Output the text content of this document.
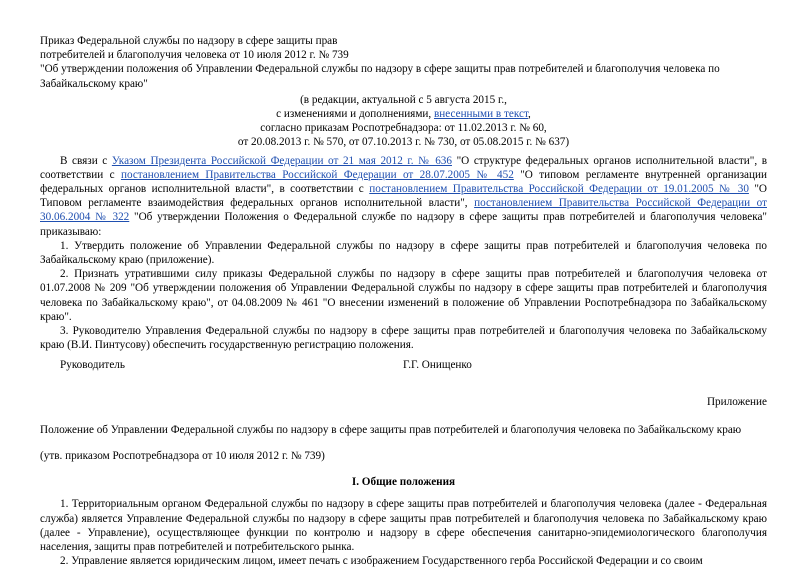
Приказ Федеральной службы по надзору в сфере защиты прав

потребителей и благополучия человека от 10 июля 2012 г. № 739

"Об утверждении положения об Управлении Федеральной службы по надзору в сфере защиты прав потребителей и благополучия человека по

Забайкальскому краю"

(в редакции, актуальной с 5 августа 2015 г.,

с изменениями и дополнениями, внесенными в текст,

согласно приказам Роспотребнадзора: от 11.02.2013 г. № 60,

от 20.08.2013 г. № 570, от 07.10.2013 г. № 730, от 05.08.2015 г. № 637)

В связи с Указом Президента Российской Федерации от 21 мая 2012 г. № 636 "О структуре федеральных органов исполнительной власти", в соответствии с постановлением Правительства Российской Федерации от 28.07.2005 № 452 "О типовом регламенте внутренней организации федеральных органов исполнительной власти", в соответствии с постановлением Правительства Российской Федерации от 19.01.2005 № 30 "О Типовом регламенте взаимодействия федеральных органов исполнительной власти", постановлением Правительства Российской Федерации от 30.06.2004 № 322 "Об утверждении Положения о Федеральной службе по надзору в сфере защиты прав потребителей и благополучия человека" приказываю:

1. Утвердить положение об Управлении Федеральной службы по надзору в сфере защиты прав потребителей и благополучия человека по Забайкальскому краю (приложение).

2. Признать утратившими силу приказы Федеральной службы по надзору в сфере защиты прав потребителей и благополучия человека от 01.07.2008 № 209 "Об утверждении положения об Управлении Федеральной службы по надзору в сфере защиты прав потребителей и благополучия человека по Забайкальскому краю", от 04.08.2009 № 461 "О внесении изменений в положение об Управлении Роспотребнадзора по Забайкальскому краю".

3. Руководителю Управления Федеральной службы по надзору в сфере защиты прав потребителей и благополучия человека по Забайкальскому краю (В.И. Пинтусову) обеспечить государственную регистрацию положения.

Руководитель	Г.Г. Онищенко
Приложение
Положение об Управлении Федеральной службы по надзору в сфере защиты прав потребителей и благополучия человека по Забайкальскому краю
(утв. приказом Роспотребнадзора от 10 июля 2012 г. № 739)
I. Общие положения

1. Территориальным органом Федеральной службы по надзору в сфере защиты прав потребителей и благополучия человека (далее - Федеральная служба) является Управление Федеральной службы по надзору в сфере защиты прав потребителей и благополучия человека по Забайкальскому краю (далее - Управление), осуществляющее функции по контролю и надзору в сфере обеспечения санитарно-эпидемиологического благополучия населения, защиты прав потребителей и потребительского рынка.

2. Управление является юридическим лицом, имеет печать с изображением Государственного герба Российской Федерации и со своим
